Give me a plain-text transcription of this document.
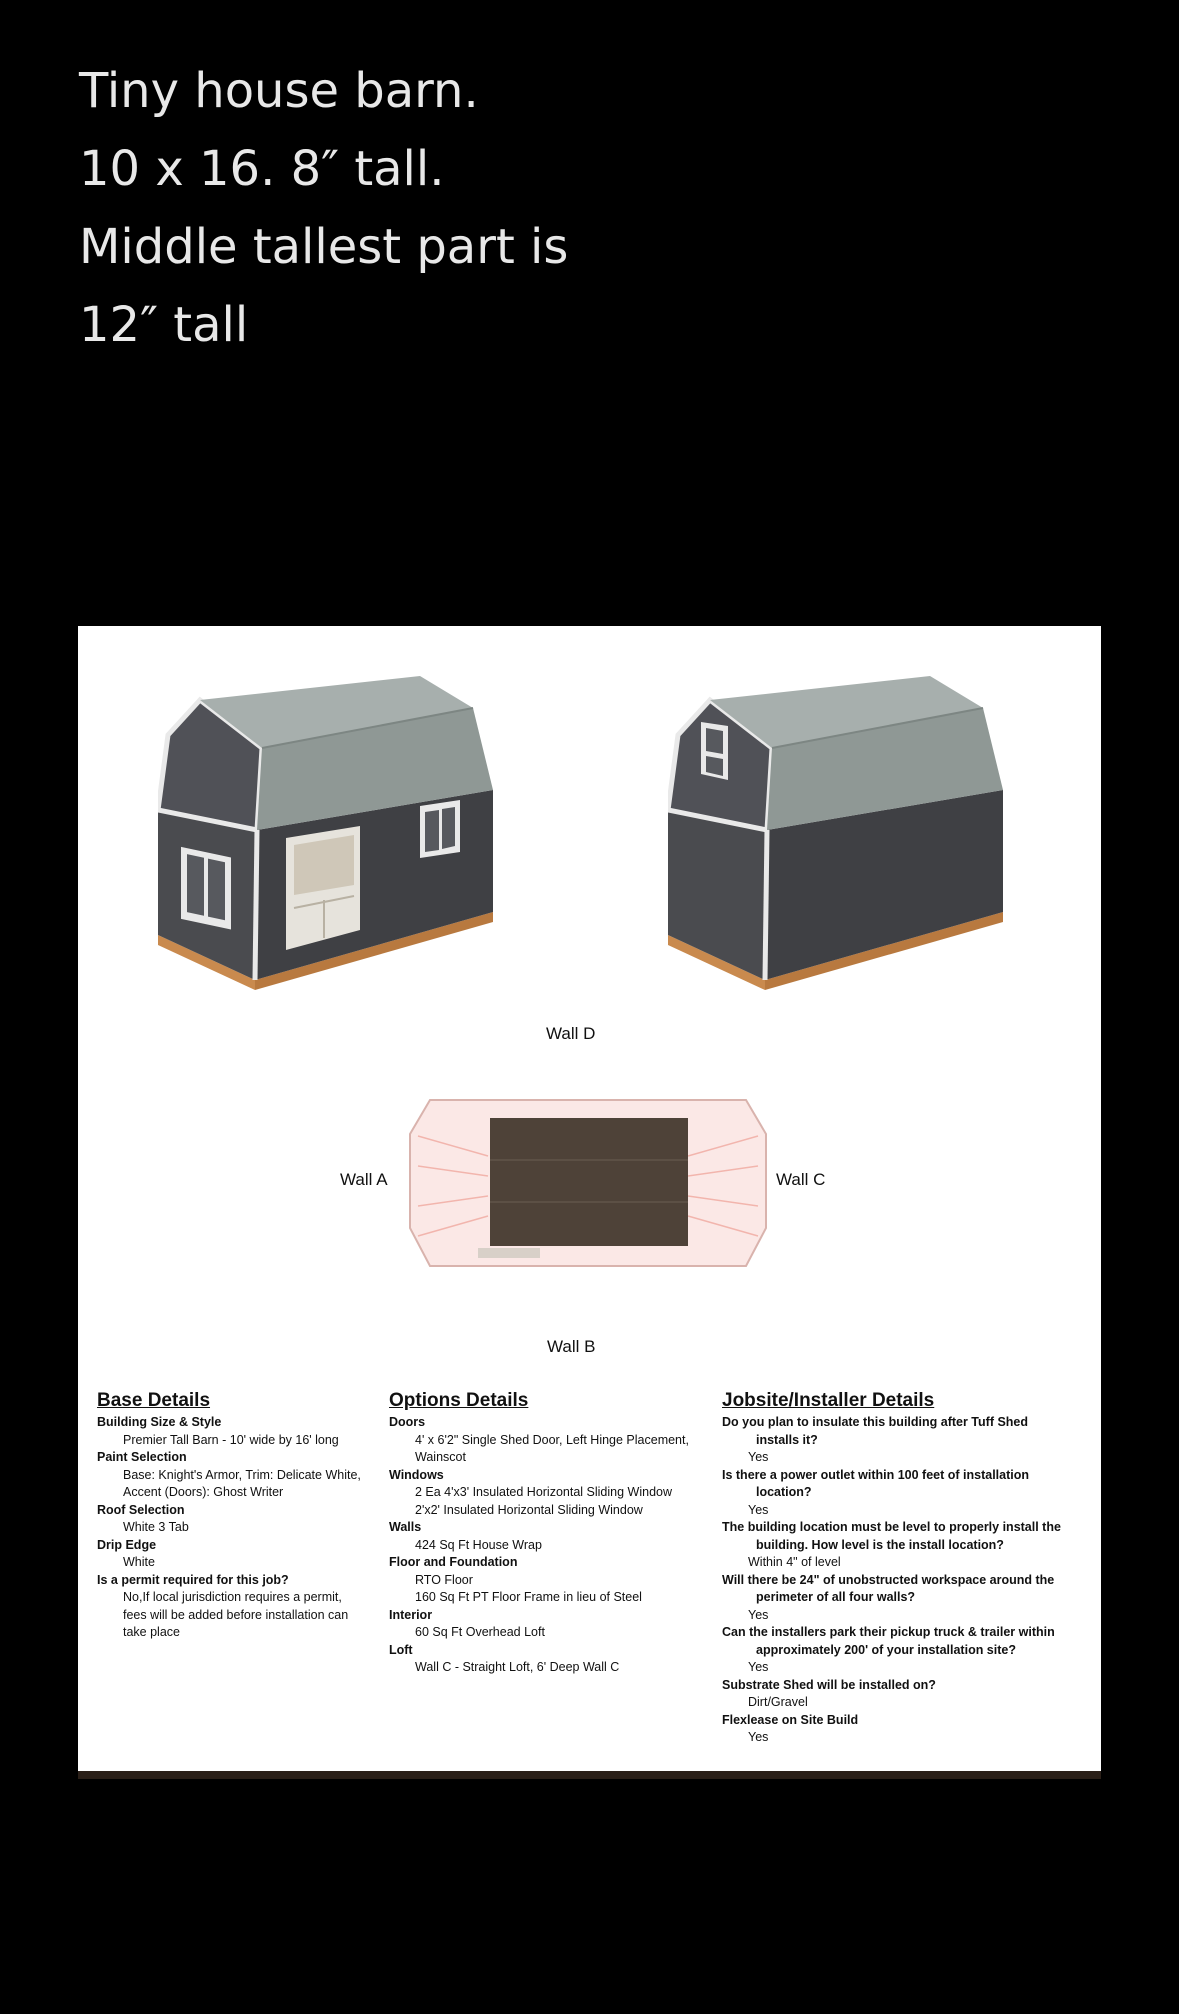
Tiny house barn.
10 x 16. 8″ tall.
Middle tallest part is
12″ tall
Wall D
Wall A	Wall C
Wall B
Base Details
Building Size & Style
Premier Tall Barn - 10' wide by 16' long
Paint Selection
Base: Knight's Armor, Trim: Delicate White, Accent (Doors): Ghost Writer
Roof Selection
White 3 Tab
Drip Edge
White
Is a permit required for this job?
No,If local jurisdiction requires a permit, fees will be added before installation can take place
Options Details
Doors
4' x 6'2" Single Shed Door, Left Hinge Placement, Wainscot
Windows
2 Ea 4'x3' Insulated Horizontal Sliding Window
2'x2' Insulated Horizontal Sliding Window
Walls
424 Sq Ft House Wrap
Floor and Foundation
RTO Floor
160 Sq Ft PT Floor Frame in lieu of Steel
Interior
60 Sq Ft Overhead Loft
Loft
Wall C - Straight Loft, 6' Deep Wall C
Jobsite/Installer Details
Do you plan to insulate this building after Tuff Shed installs it?
Yes
Is there a power outlet within 100 feet of installation location?
Yes
The building location must be level to properly install the building. How level is the install location?
Within 4" of level
Will there be 24" of unobstructed workspace around the perimeter of all four walls?
Yes
Can the installers park their pickup truck & trailer within approximately 200' of your installation site?
Yes
Substrate Shed will be installed on?
Dirt/Gravel
Flexlease on Site Build
Yes
